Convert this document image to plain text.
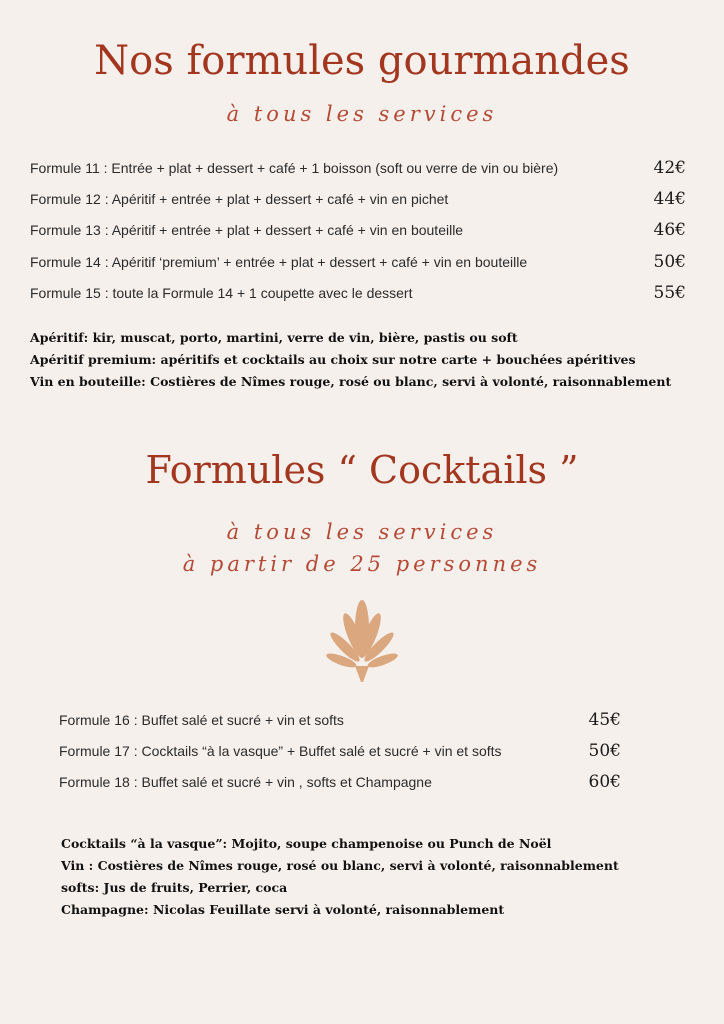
Nos formules gourmandes

à tous les services

Formule 11 : Entrée + plat + dessert + café + 1 boisson (soft ou verre de vin ou bière)	42€
Formule 12 : Apéritif + entrée + plat + dessert + café + vin en pichet	44€
Formule 13 : Apéritif + entrée + plat + dessert + café + vin en bouteille	46€
Formule 14 : Apéritif ‘premium’ + entrée + plat + dessert + café + vin en bouteille	50€
Formule 15 : toute la Formule 14 + 1 coupette avec le dessert	55€
Apéritif: kir, muscat, porto, martini, verre de vin, bière, pastis ou soft
Apéritif premium: apéritifs et cocktails au choix sur notre carte + bouchées apéritives
Vin en bouteille: Costières de Nîmes rouge, rosé ou blanc, servi à volonté, raisonnablement
Formules “ Cocktails ”

à tous les services

à partir de 25 personnes

Formule 16 : Buffet salé et sucré + vin et softs	45€
Formule 17 : Cocktails “à la vasque” + Buffet salé et sucré + vin et softs	50€
Formule 18 : Buffet salé et sucré + vin , softs et Champagne	60€
Cocktails “à la vasque”: Mojito, soupe champenoise ou Punch de Noël
Vin : Costières de Nîmes rouge, rosé ou blanc, servi à volonté, raisonnablement
softs: Jus de fruits, Perrier, coca
Champagne: Nicolas Feuillate servi à volonté, raisonnablement
